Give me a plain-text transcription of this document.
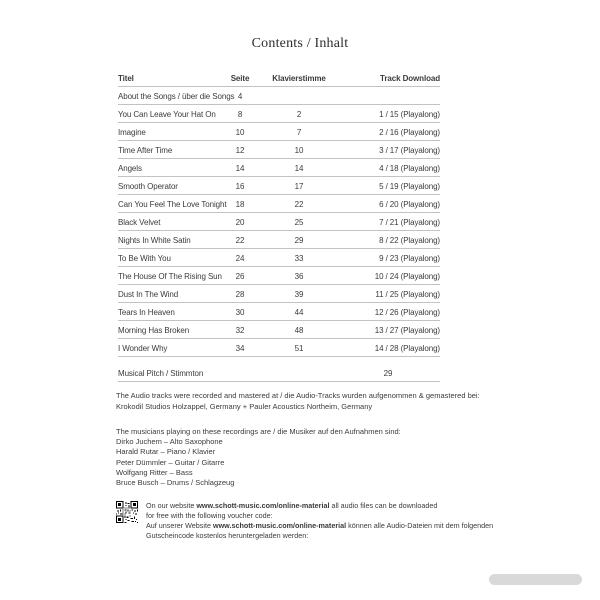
Contents / Inhalt
Titel	Seite	Klavierstimme	Track Download
About the Songs / über die Songs 4
You Can Leave Your Hat On	8	2	1 / 15 (Playalong)
Imagine	10	7	2 / 16 (Playalong)
Time After Time	12	10	3 / 17 (Playalong)
Angels	14	14	4 / 18 (Playalong)
Smooth Operator	16	17	5 / 19 (Playalong)
Can You Feel The Love Tonight	18	22	6 / 20 (Playalong)
Black Velvet	20	25	7 / 21 (Playalong)
Nights In White Satin	22	29	8 / 22 (Playalong)
To Be With You	24	33	9 / 23 (Playalong)
The House Of The Rising Sun	26	36	10 / 24 (Playalong)
Dust In The Wind	28	39	11 / 25 (Playalong)
Tears In Heaven	30	44	12 / 26 (Playalong)
Morning Has Broken	32	48	13 / 27 (Playalong)
I Wonder Why	34	51	14 / 28 (Playalong)
Musical Pitch / Stimmton	29
The Audio tracks were recorded and mastered at / die Audio-Tracks wurden aufgenommen & gemastered bei:
Krokodil Studios Holzappel, Germany + Pauler Acoustics Northeim, Germany
The musicians playing on these recordings are / die Musiker auf den Aufnahmen sind:
Dirko Juchem – Alto Saxophone
Harald Rutar – Piano / Klavier
Peter Dümmler – Guitar / Gitarre
Wolfgang Ritter – Bass
Bruce Busch – Drums / Schlagzeug
On our website www.schott-music.com/online-material all audio files can be downloaded
for free with the following voucher code:
Auf unserer Website www.schott-music.com/online-material können alle Audio-Dateien mit dem folgenden
Gutscheincode kostenlos heruntergeladen werden:
